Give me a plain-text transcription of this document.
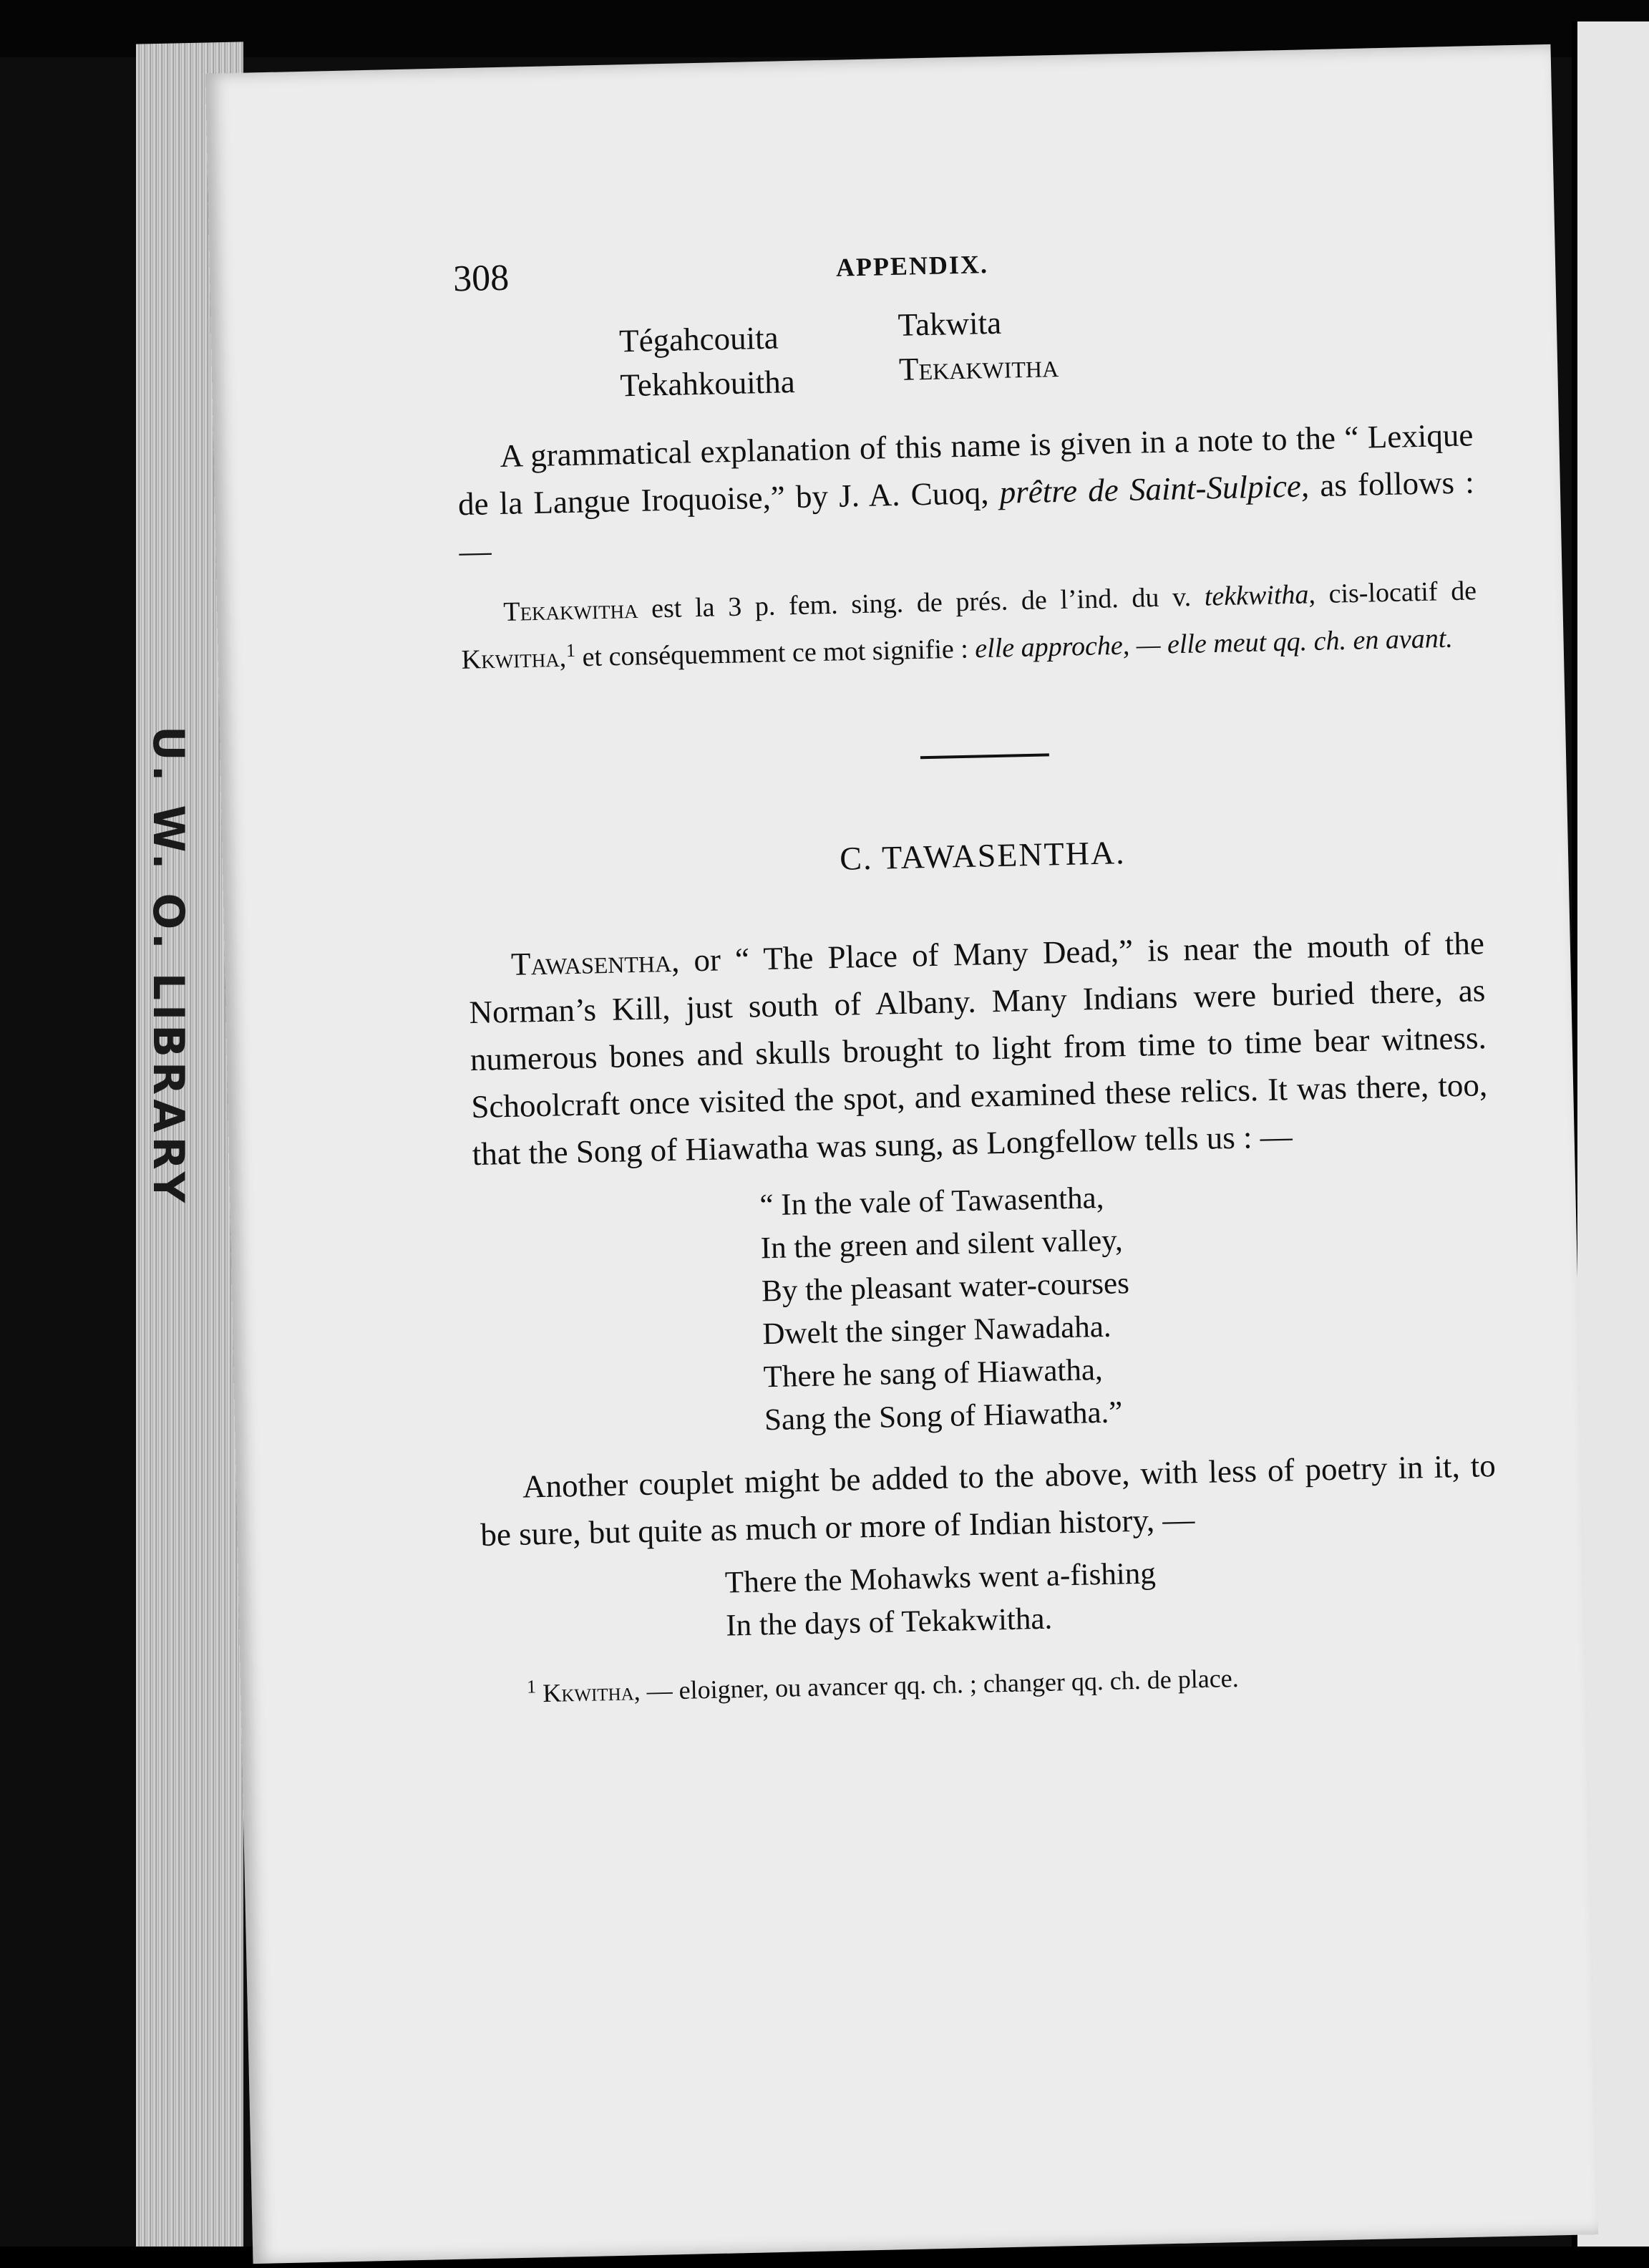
U. W. O. LIBRARY
308	APPENDIX.
Tégahcouita
Tekahkouitha
Takwita
Tekakwitha

A grammatical explanation of this name is given in a note to the “ Lexique de la Langue Iroquoise,” by J. A. Cuoq, prêtre de Saint-Sulpice, as follows : —

Tekakwitha est la 3 p. fem. sing. de prés. de l’ind. du v. tekkwitha, cis-locatif de Kkwitha,$^1$ et conséquemment ce mot signifie : elle approche, — elle meut qq. ch. en avant.

C. TAWASENTHA.

Tawasentha, or “ The Place of Many Dead,” is near the mouth of the Norman’s Kill, just south of Albany. Many Indians were buried there, as numerous bones and skulls brought to light from time to time bear witness. Schoolcraft once visited the spot, and examined these relics. It was there, too, that the Song of Hiawatha was sung, as Longfellow tells us : —

“ In the vale of Tawasentha,
In the green and silent valley,
By the pleasant water-courses
Dwelt the singer Nawadaha.
There he sang of Hiawatha,
Sang the Song of Hiawatha.”

Another couplet might be added to the above, with less of poetry in it, to be sure, but quite as much or more of Indian history, —

There the Mohawks went a-fishing
In the days of Tekakwitha.

$^1$ Kkwitha, — eloigner, ou avancer qq. ch. ; changer qq. ch. de place.
